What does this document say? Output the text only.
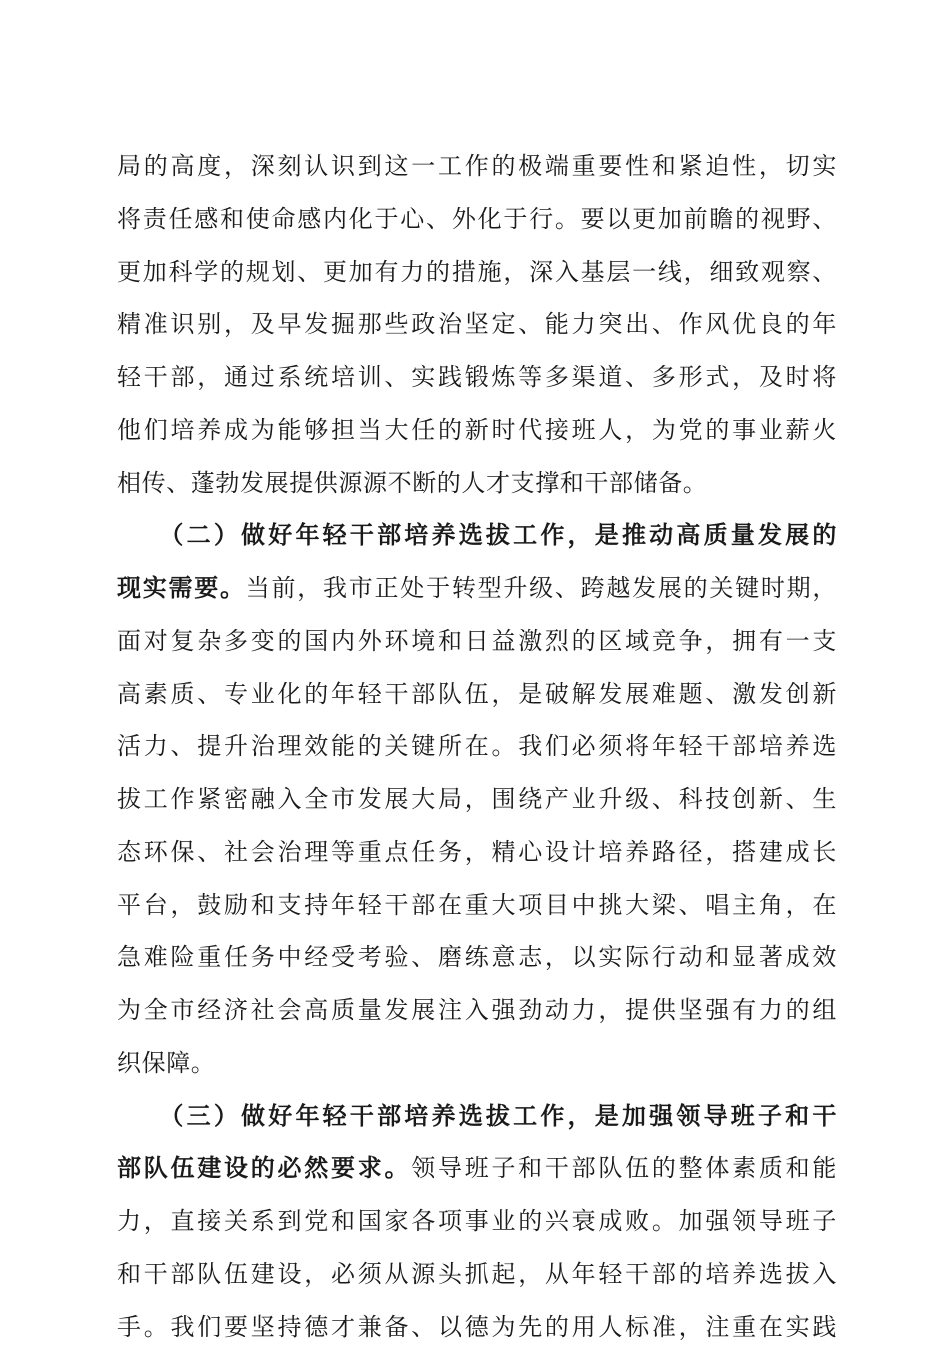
局的高度，深刻认识到这一工作的极端重要性和紧迫性，切实
将责任感和使命感内化于心、外化于行。要以更加前瞻的视野、
更加科学的规划、更加有力的措施，深入基层一线，细致观察、
精准识别，及早发掘那些政治坚定、能力突出、作风优良的年
轻干部，通过系统培训、实践锻炼等多渠道、多形式，及时将
他们培养成为能够担当大任的新时代接班人，为党的事业薪火
相传、蓬勃发展提供源源不断的人才支撑和干部储备。
　　（二）做好年轻干部培养选拔工作，是推动高质量发展的
现实需要。当前，我市正处于转型升级、跨越发展的关键时期，
面对复杂多变的国内外环境和日益激烈的区域竞争，拥有一支
高素质、专业化的年轻干部队伍，是破解发展难题、激发创新
活力、提升治理效能的关键所在。我们必须将年轻干部培养选
拔工作紧密融入全市发展大局，围绕产业升级、科技创新、生
态环保、社会治理等重点任务，精心设计培养路径，搭建成长
平台，鼓励和支持年轻干部在重大项目中挑大梁、唱主角，在
急难险重任务中经受考验、磨练意志，以实际行动和显著成效
为全市经济社会高质量发展注入强劲动力，提供坚强有力的组
织保障。
　　（三）做好年轻干部培养选拔工作，是加强领导班子和干
部队伍建设的必然要求。领导班子和干部队伍的整体素质和能
力，直接关系到党和国家各项事业的兴衰成败。加强领导班子
和干部队伍建设，必须从源头抓起，从年轻干部的培养选拔入
手。我们要坚持德才兼备、以德为先的用人标准，注重在实践
